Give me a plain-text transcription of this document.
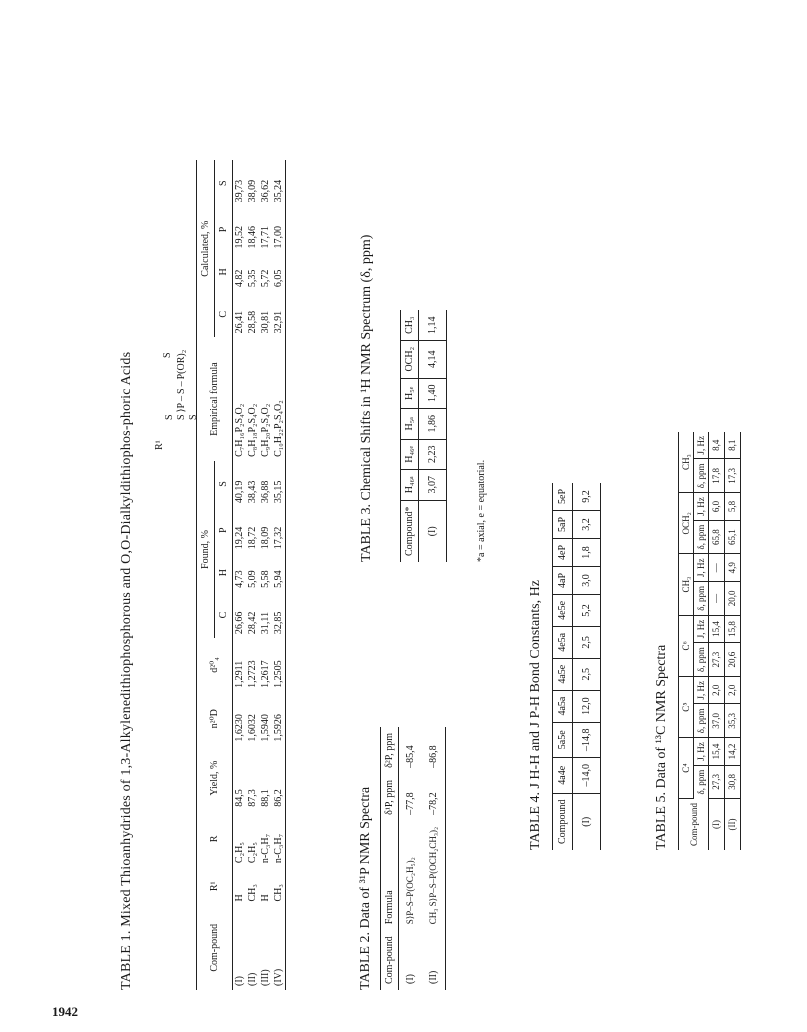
1942
TABLE 1. Mixed Thioanhydrides of 1,3-Alkylenedithiophosphorous and O,O-Dialkyldithiophos-phoric Acids R¹
S S ⟩P – S – P(OR)₂ S
S
Com-pound	R¹	R	Yield, %	n²⁰D	d²⁰₄	Found, %				Empirical formula	Calculated, %			
						C	H	P	S		C	H	P	S
(I)	H	C₂H₅	84,5	1,6230	1,2911	26,66	4,73	19,24	40,19	C₇H₁₆P₂S₄O₂	26,41	4,82	19,52	39,73
(II)	CH₃	C₂H₅	87,3	1,6032	1,2723	28,42	5,09	18,72	38,43	C₈H₁₈P₂S₄O₂	28,58	5,35	18,46	38,09
(III)	H	n-C₃H₇	88,1	1,5940	1,2617	31,11	5,58	18,09	36,88	C₉H₂₀P₂S₄O₂	30,81	5,72	17,71	36,62
(IV)	CH₃	n-C₃H₇	86,2	1,5926	1,2505	32,85	5,94	17,32	35,15	C₁₀H₂₂P₂S₄O₂	32,91	6,05	17,00	35,24
TABLE 2. Data of ³¹P NMR Spectra Com-pound	Formula	δ¹P, ppm	δ²P, ppm
(I)	S⟩P–S–P(OC₂H₅)₂	–77,8	–85,4
(II)	CH₃ S⟩P–S–P(OCH₂CH₃)₂	–78,2	–86,8
TABLE 3. Chemical Shifts in ¹H NMR Spectrum (δ, ppm)	Compound*	H₄₆ₐ	H₄₆ₑ	H₅ₐ	H₅ₑ	OCH₂	CH₃
(I)	3,07	2,23	1,86	1,40	4,14	1,14
*a = axial, e = equatorial.
TABLE 4. J H-H and J P-H Bond Constants, Hz Compound	4a4e	5a5e	4a5a	4a5e	4e5a	4e5e	4aP	4eP	5aP	5eP
(I)	–14,0	–14,8	12,0	2,5	2,5	5,2	3,0	1,8	3,2	9,2
TABLE 5. Data of ¹³C NMR Spectra Com-pound	C⁴		C⁵		C⁶		CH₃		OCH₂		CH₃	
	δ, ppm	J, Hz	δ, ppm	J, Hz	δ, ppm	J, Hz	δ, ppm	J, Hz	δ, ppm	J, Hz	δ, ppm	J, Hz
(I)	27,3	15,4	37,0	2,0	27,3	15,4	—	—	65,8	6,0	17,8	8,4
(II)	30,8	14,2	35,3	2,0	20,6	15,8	20,0	4,9	65,1	5,8	17,3	8,1
